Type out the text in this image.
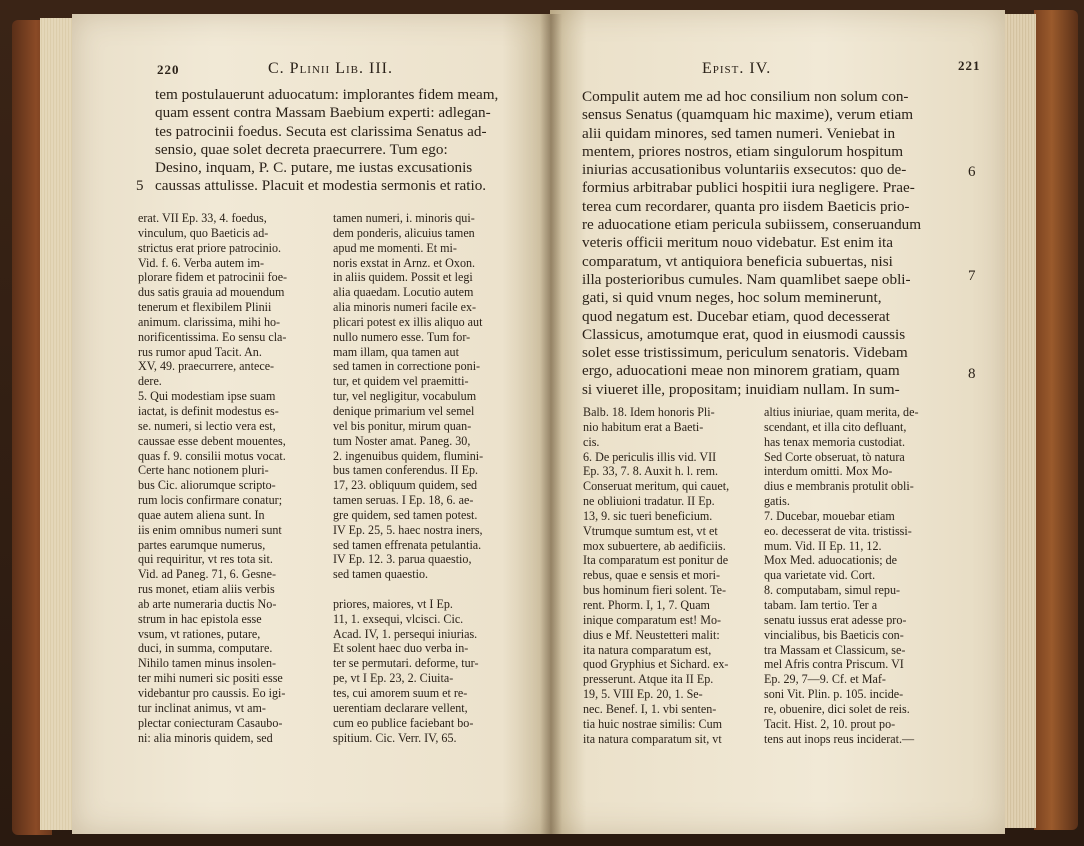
220	C. Plinii Lib. III.
tem postulauerunt aduocatum: implorantes fidem meam,
quam essent contra Massam Baebium experti: adlegan-
tes patrocinii foedus. Secuta est clarissima Senatus ad-
sensio, quae solet decreta praecurrere. Tum ego:
Desino, inquam, P. C. putare, me iustas excusationis
caussas attulisse. Placuit et modestia sermonis et ratio.
5
erat. VII Ep. 33, 4. foedus,
vinculum, quo Baeticis ad-
strictus erat priore patrocinio.
Vid. f. 6. Verba autem im-
plorare fidem et patrocinii foe-
dus satis grauia ad mouendum
tenerum et flexibilem Plinii
animum. clarissima, mihi ho-
norificentissima. Eo sensu cla-
rus rumor apud Tacit. An.
XV, 49. praecurrere, antece-
dere.
5. Qui modestiam ipse suam
iactat, is definit modestus es-
se. numeri, si lectio vera est,
caussae esse debent mouentes,
quas f. 9. consilii motus vocat.
Certe hanc notionem pluri-
bus Cic. aliorumque scripto-
rum locis confirmare conatur;
quae autem aliena sunt. In
iis enim omnibus numeri sunt
partes earumque numerus,
qui requiritur, vt res tota sit.
Vid. ad Paneg. 71, 6. Gesne-
rus monet, etiam aliis verbis
ab arte numeraria ductis No-
strum in hac epistola esse
vsum, vt rationes, putare,
duci, in summa, computare.
Nihilo tamen minus insolen-
ter mihi numeri sic positi esse
videbantur pro caussis. Eo igi-
tur inclinat animus, vt am-
plectar coniecturam Casaubo-
ni: alia minoris quidem, sed
tamen numeri, i. minoris qui-
dem ponderis, alicuius tamen
apud me momenti. Et mi-
noris exstat in Arnz. et Oxon.
in aliis quidem. Possit et legi
alia quaedam. Locutio autem
alia minoris numeri facile ex-
plicari potest ex illis aliquo aut
nullo numero esse. Tum for-
mam illam, qua tamen aut
sed tamen in correctione poni-
tur, et quidem vel praemitti-
tur, vel negligitur, vocabulum
denique primarium vel semel
vel bis ponitur, mirum quan-
tum Noster amat. Paneg. 30,
2. ingenuibus quidem, flumini-
bus tamen conferendus. II Ep.
17, 23. obliquum quidem, sed
tamen seruas. I Ep. 18, 6. ae-
gre quidem, sed tamen potest.
IV Ep. 25, 5. haec nostra iners,
sed tamen effrenata petulantia.
IV Ep. 12. 3. parua quaestio,
sed tamen quaestio.

priores, maiores, vt I Ep.
11, 1. exsequi, vlcisci. Cic.
Acad. IV, 1. persequi iniurias.
Et solent haec duo verba in-
ter se permutari. deforme, tur-
pe, vt I Ep. 23, 2. Ciuita-
tes, cui amorem suum et re-
uerentiam declarare vellent,
cum eo publice faciebant bo-
spitium. Cic. Verr. IV, 65.
Epist. IV.	221
Compulit autem me ad hoc consilium non solum con-
sensus Senatus (quamquam hic maxime), verum etiam
alii quidam minores, sed tamen numeri. Veniebat in
mentem, priores nostros, etiam singulorum hospitum
iniurias accusationibus voluntariis exsecutos: quo de-
formius arbitrabar publici hospitii iura negligere. Prae-
terea cum recordarer, quanta pro iisdem Baeticis prio-
re aduocatione etiam pericula subiissem, conseruandum
veteris officii meritum nouo videbatur. Est enim ita
comparatum, vt antiquiora beneficia subuertas, nisi
illa posterioribus cumules. Nam quamlibet saepe obli-
gati, si quid vnum neges, hoc solum meminerunt,
quod negatum est. Ducebar etiam, quod decesserat
Classicus, amotumque erat, quod in eiusmodi caussis
solet esse tristissimum, periculum senatoris. Videbam
ergo, aduocationi meae non minorem gratiam, quam
si viueret ille, propositam; inuidiam nullam. In sum-
6
7
8
Balb. 18. Idem honoris Pli-
nio habitum erat a Baeti-
cis.
6. De periculis illis vid. VII
Ep. 33, 7. 8. Auxit h. l. rem.
Conseruat meritum, qui cauet,
ne obliuioni tradatur. II Ep.
13, 9. sic tueri beneficium.
Vtrumque sumtum est, vt et
mox subuertere, ab aedificiis.
Ita comparatum est ponitur de
rebus, quae e sensis et mori-
bus hominum fieri solent. Te-
rent. Phorm. I, 1, 7. Quam
inique comparatum est! Mo-
dius e Mf. Neustetteri malit:
ita natura comparatum est,
quod Gryphius et Sichard. ex-
presserunt. Atque ita II Ep.
19, 5. VIII Ep. 20, 1. Se-
nec. Benef. I, 1. vbi senten-
tia huic nostrae similis: Cum
ita natura comparatum sit, vt
altius iniuriae, quam merita, de-
scendant, et illa cito defluant,
has tenax memoria custodiat.
Sed Corte obseruat, tò natura
interdum omitti. Mox Mo-
dius e membranis protulit obli-
gatis.
7. Ducebar, mouebar etiam
eo. decesserat de vita. tristissi-
mum. Vid. II Ep. 11, 12.
Mox Med. aduocationis; de
qua varietate vid. Cort.
8. computabam, simul repu-
tabam. Iam tertio. Ter a
senatu iussus erat adesse pro-
vincialibus, bis Baeticis con-
tra Massam et Classicum, se-
mel Afris contra Priscum. VI
Ep. 29, 7—9. Cf. et Maf-
soni Vit. Plin. p. 105. incide-
re, obuenire, dici solet de reis.
Tacit. Hist. 2, 10. prout po-
tens aut inops reus inciderat.—
